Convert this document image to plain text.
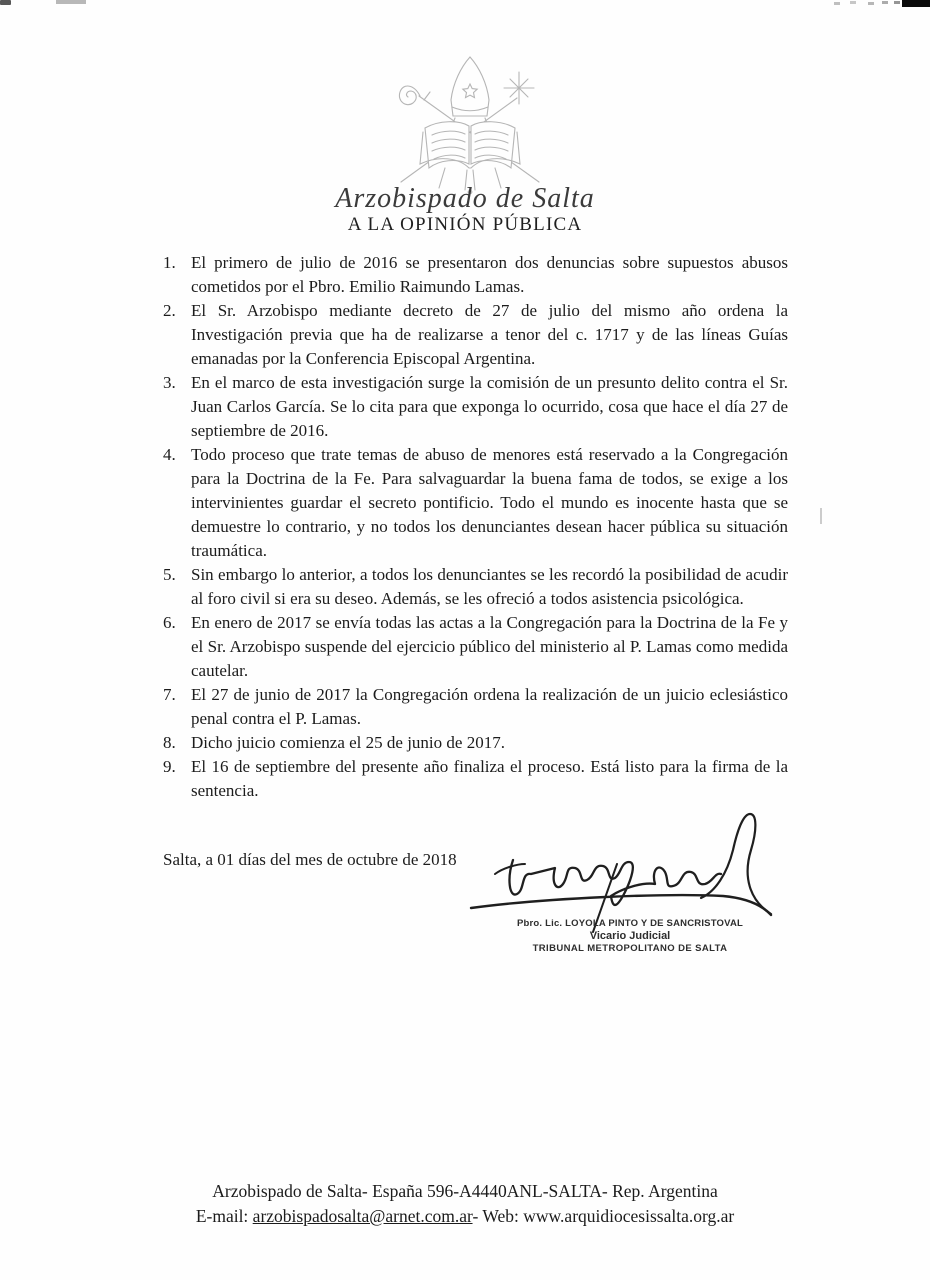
Arzobispado de Salta
A LA OPINIÓN PÚBLICA
1. El primero de julio de 2016 se presentaron dos denuncias sobre supuestos abusos cometidos por el Pbro. Emilio Raimundo Lamas.
2. El Sr. Arzobispo mediante decreto de 27 de julio del mismo año ordena la Investigación previa que ha de realizarse a tenor del c. 1717 y de las líneas Guías emanadas por la Conferencia Episcopal Argentina.
3. En el marco de esta investigación surge la comisión de un presunto delito contra el Sr. Juan Carlos García. Se lo cita para que exponga lo ocurrido, cosa que hace el día 27 de septiembre de 2016.
4. Todo proceso que trate temas de abuso de menores está reservado a la Congregación para la Doctrina de la Fe. Para salvaguardar la buena fama de todos, se exige a los intervinientes guardar el secreto pontificio. Todo el mundo es inocente hasta que se demuestre lo contrario, y no todos los denunciantes desean hacer pública su situación traumática.
5. Sin embargo lo anterior, a todos los denunciantes se les recordó la posibilidad de acudir al foro civil si era su deseo. Además, se les ofreció a todos asistencia psicológica.
6. En enero de 2017 se envía todas las actas a la Congregación para la Doctrina de la Fe y el Sr. Arzobispo suspende del ejercicio público del ministerio al P. Lamas como medida cautelar.
7. El 27 de junio de 2017 la Congregación ordena la realización de un juicio eclesiástico penal contra el P. Lamas.
8. Dicho juicio comienza el 25 de junio de 2017.
9. El 16 de septiembre del presente año finaliza el proceso. Está listo para la firma de la sentencia.
Salta, a 01 días del mes de octubre de 2018
Pbro. Lic. LOYOLA PINTO Y DE SANCRISTOVAL
Vicario Judicial
TRIBUNAL METROPOLITANO DE SALTA
Arzobispado de Salta- España 596-A4440ANL-SALTA- Rep. Argentina
E-mail: arzobispadosalta@arnet.com.ar- Web: www.arquidiocesissalta.org.ar
